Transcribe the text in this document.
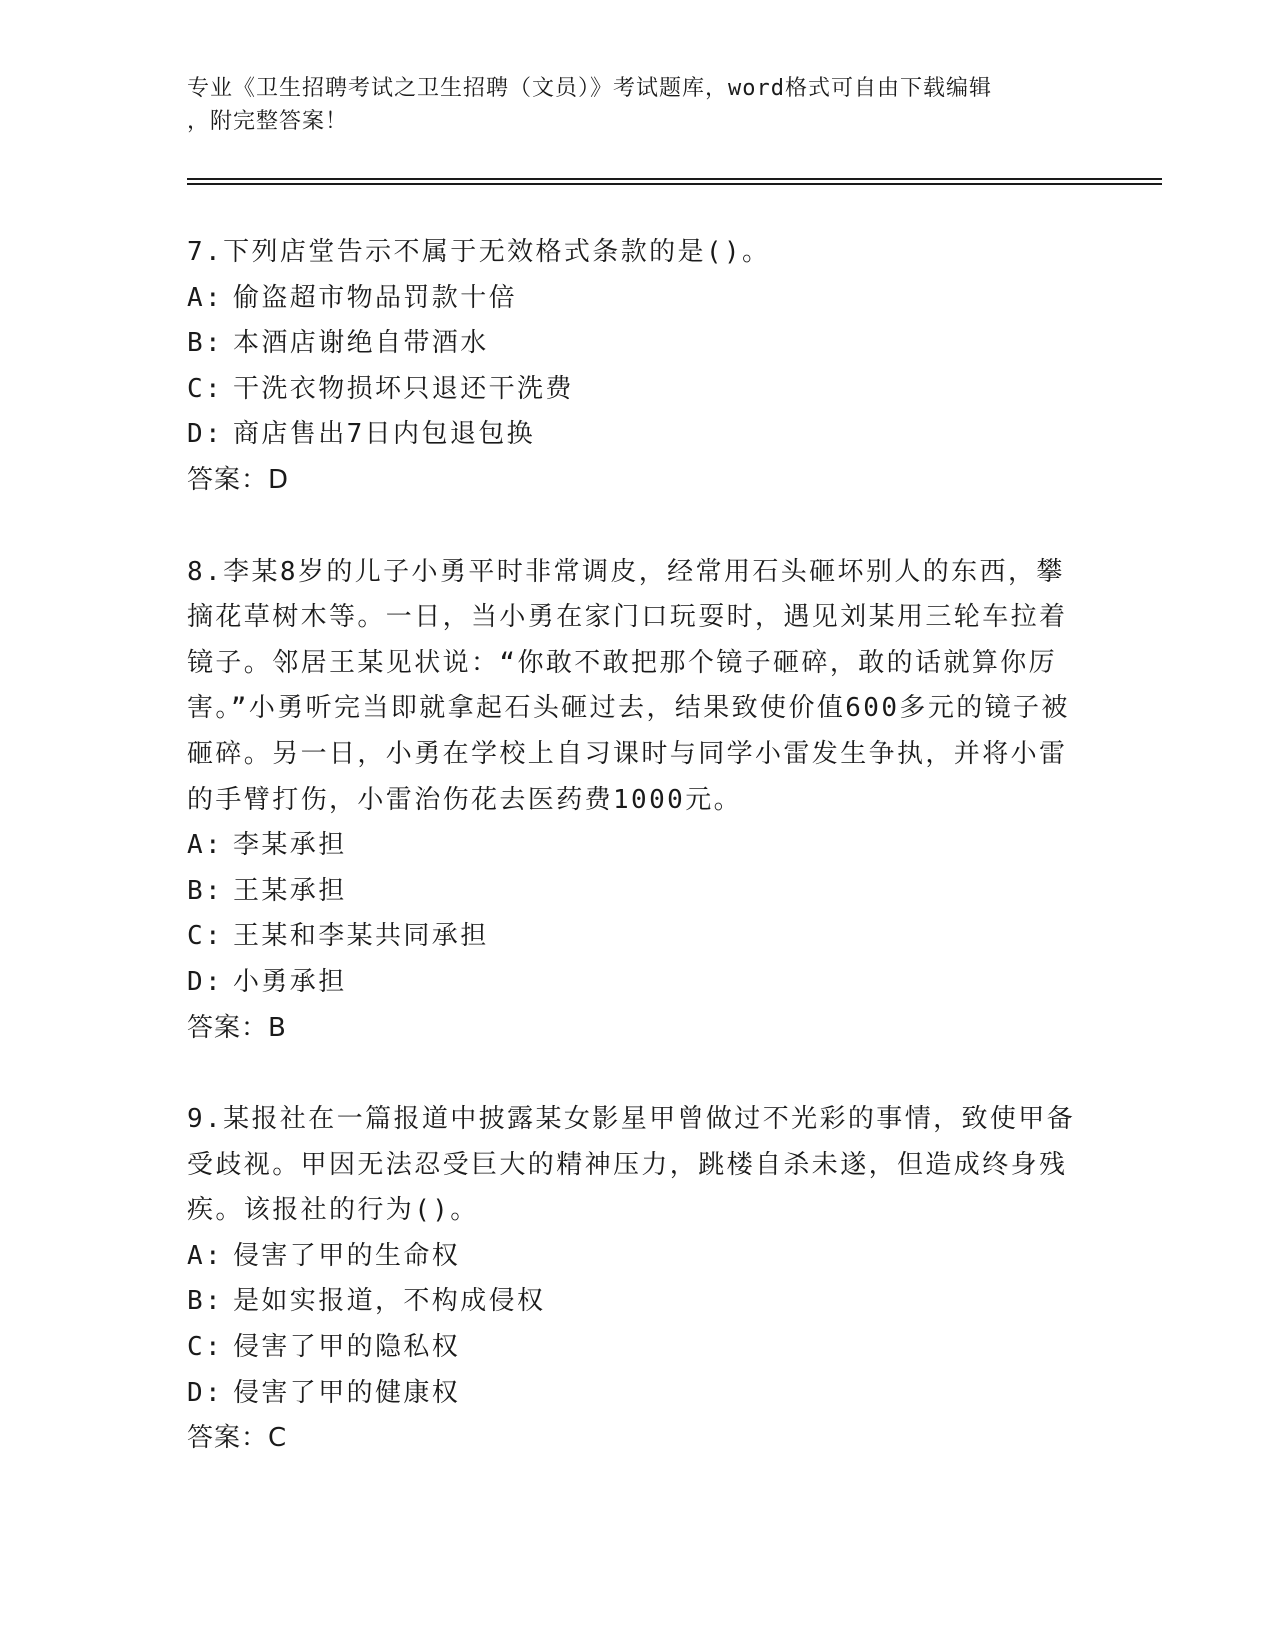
专业《卫生招聘考试之卫生招聘（文员）》考试题库，word格式可自由下载编辑
，附完整答案！
7.下列店堂告示不属于无效格式条款的是()。
A: 偷盗超市物品罚款十倍
B: 本酒店谢绝自带酒水
C: 干洗衣物损坏只退还干洗费
D: 商店售出7日内包退包换
答案：D
8.李某8岁的儿子小勇平时非常调皮，经常用石头砸坏别人的东西，攀摘花草树木等。一日，当小勇在家门口玩耍时，遇见刘某用三轮车拉着镜子。邻居王某见状说：“你敢不敢把那个镜子砸碎，敢的话就算你厉害。”小勇听完当即就拿起石头砸过去，结果致使价值600多元的镜子被砸碎。另一日，小勇在学校上自习课时与同学小雷发生争执，并将小雷的手臂打伤，小雷治伤花去医药费1000元。
A: 李某承担
B: 王某承担
C: 王某和李某共同承担
D: 小勇承担
答案：B
9.某报社在一篇报道中披露某女影星甲曾做过不光彩的事情，致使甲备受歧视。甲因无法忍受巨大的精神压力，跳楼自杀未遂，但造成终身残疾。该报社的行为()。
A: 侵害了甲的生命权
B: 是如实报道，不构成侵权
C: 侵害了甲的隐私权
D: 侵害了甲的健康权
答案：C
